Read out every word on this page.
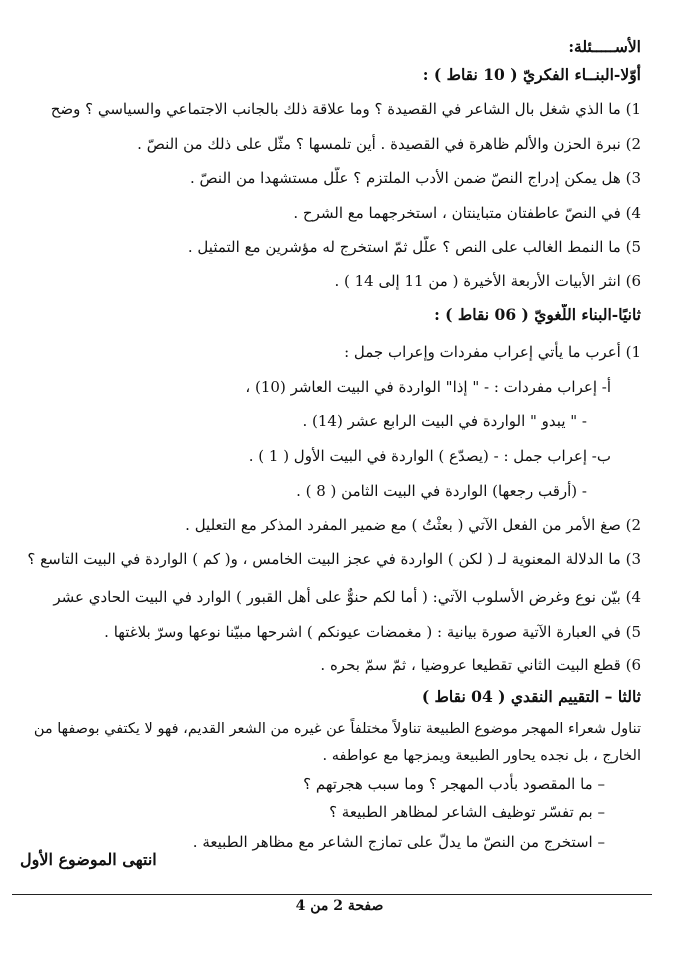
الأســـــئلة:
أوّلا-البنــاء الفكريّ ( 10 نقاط ) :
1) ما الذي شغل بال الشاعر في القصيدة ؟ وما علاقة ذلك بالجانب الاجتماعي والسياسي ؟ وضح
2) نبرة الحزن والألم ظاهرة في القصيدة . أين تلمسها ؟ مثّل على ذلك من النصّ .
3) هل يمكن إدراج النصّ ضمن الأدب الملتزم ؟ علّل مستشهدا من النصّ .
4) في النصّ عاطفتان متباينتان ، استخرجهما مع الشرح .
5) ما النمط الغالب على النص ؟ علّل ثمّ استخرج له مؤشرين مع التمثيل .
6) انثر الأبيات الأربعة الأخيرة ( من 11 إلى 14 ) .
ثانيًا-البناء اللّغويّ ( 06 نقاط ) :
1) أعرب ما يأتي إعراب مفردات وإعراب جمل :
أ- إعراب مفردات : - " إذا" الواردة في البيت العاشر (10) ،
- " يبدو " الواردة في البيت الرابع عشر (14) .
ب- إعراب جمل : - (يصدّع ) الواردة في البيت الأول ( 1 ) .
- (أرقب رجعها) الواردة في البيت الثامن ( 8 ) .
2) صغ الأمر من الفعل الآتي ( بعثْتُ ) مع ضمير المفرد المذكر مع التعليل .
3) ما الدلالة المعنوية لـ ( لكن ) الواردة في عجز البيت الخامس ، و( كم ) الواردة في البيت التاسع ؟
4) بيّن نوع وغرض الأسلوب الآتي: ( أما لكم حنوٌّ على أهل القبور ) الوارد في البيت الحادي عشر
5) في العبارة الآتية صورة بيانية : ( مغمضات عيونكم ) اشرحها مبيّنا نوعها وسرّ بلاغتها .
6) قطع البيت الثاني تقطيعا عروضيا ، ثمّ سمّ بحره .
ثالثا – التقييم النقدي ( 04 نقاط )
تناول شعراء المهجر موضوع الطبيعة تناولاً مختلفاً عن غيره من الشعر القديم، فهو لا يكتفي بوصفها من
الخارج ، بل نجده يحاور الطبيعة ويمزجها مع عواطفه .
– ما المقصود بأدب المهجر ؟ وما سبب هجرتهم ؟
– بم تفسّر توظيف الشاعر لمظاهر الطبيعة ؟
– استخرج من النصّ ما يدلّ على تمازج الشاعر مع مظاهر الطبيعة .
انتهى الموضوع الأول
صفحة 2 من 4
